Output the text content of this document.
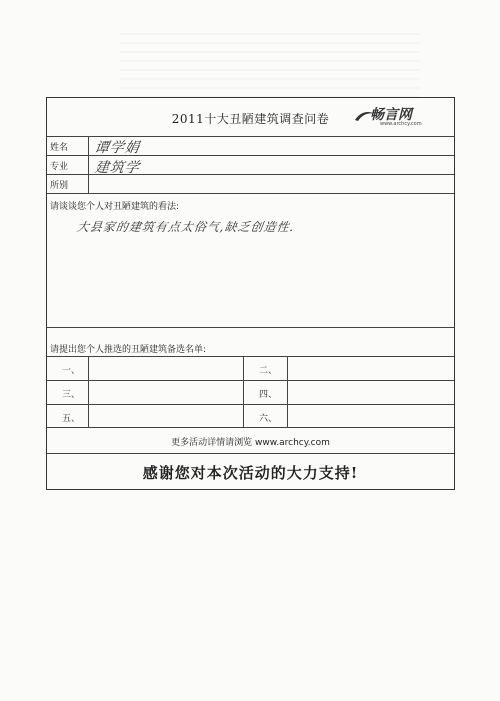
2011十大丑陋建筑调查问卷	畅言网
www.archcy.com
姓名 谭学娟
专业 建筑学
所别
请谈谈您个人对丑陋建筑的看法:
大县家的建筑有点太俗气,缺乏创造性.
请提出您个人推选的丑陋建筑备选名单:
一、	二、
三、	四、
五、	六、
更多活动详情请浏览 www.archcy.com
感谢您对本次活动的大力支持!
